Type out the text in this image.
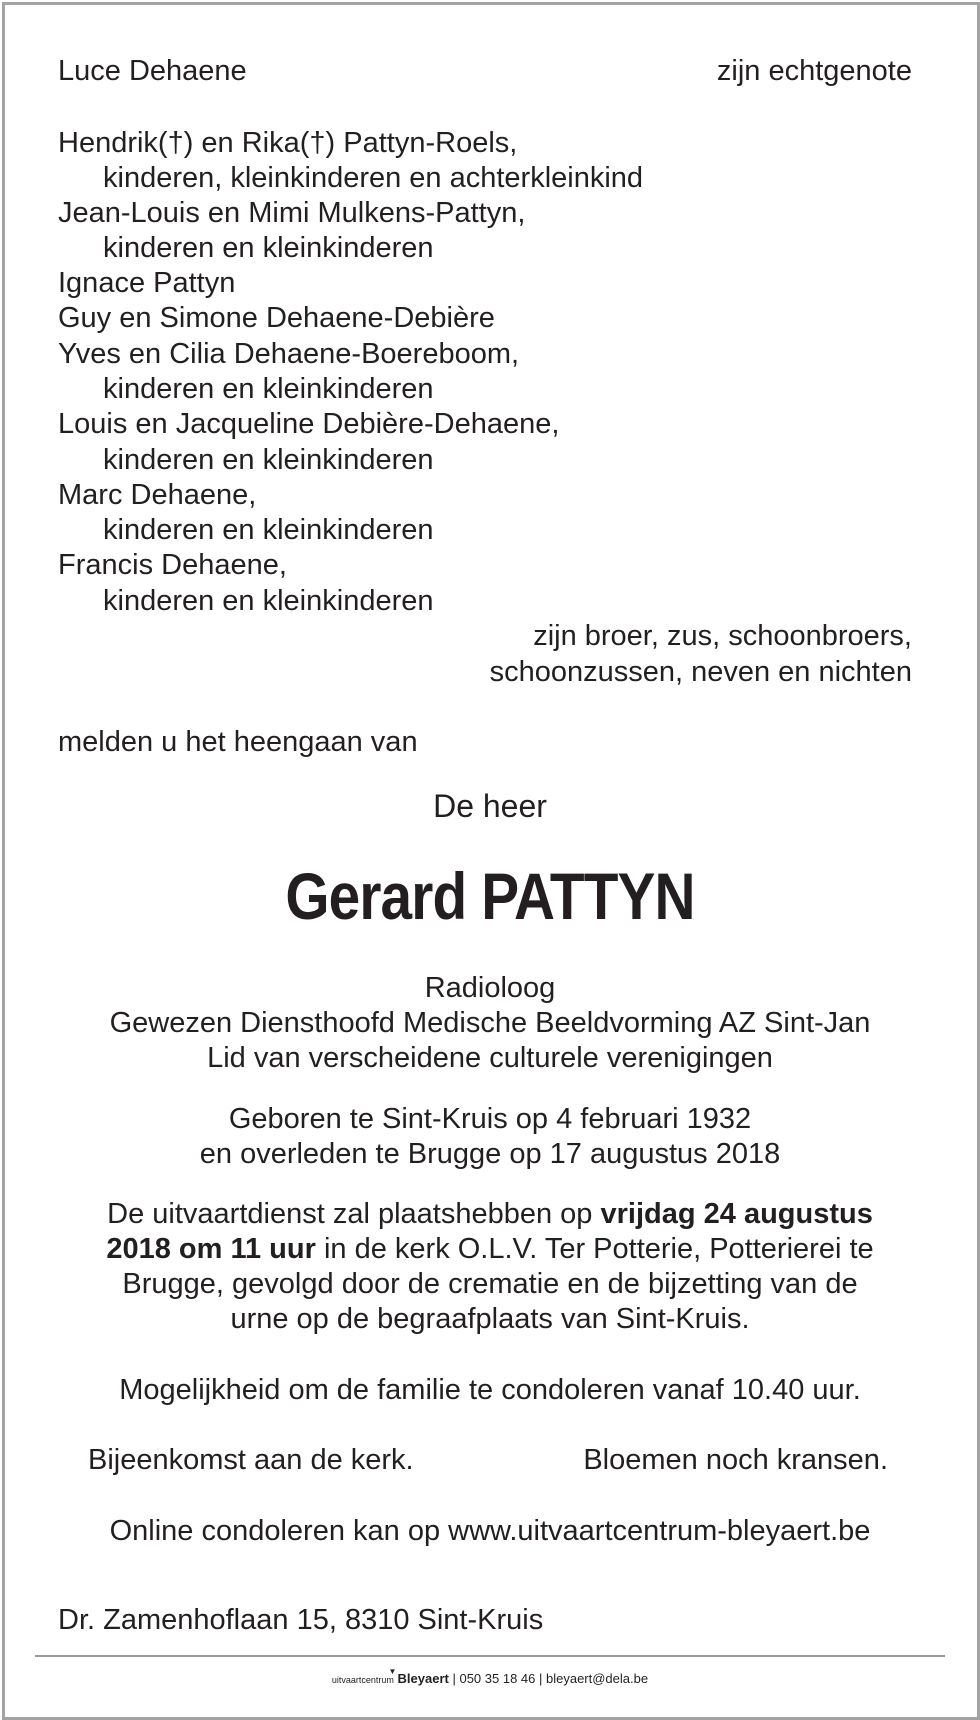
Luce Dehaene	zijn echtgenote
Hendrik(†) en Rika(†) Pattyn-Roels,
kinderen, kleinkinderen en achterkleinkind
Jean-Louis en Mimi Mulkens-Pattyn,
kinderen en kleinkinderen
Ignace Pattyn
Guy en Simone Dehaene-Debière
Yves en Cilia Dehaene-Boereboom,
kinderen en kleinkinderen
Louis en Jacqueline Debière-Dehaene,
kinderen en kleinkinderen
Marc Dehaene,
kinderen en kleinkinderen
Francis Dehaene,
kinderen en kleinkinderen
zijn broer, zus, schoonbroers,
schoonzussen, neven en nichten
melden u het heengaan van
De heer
Gerard PATTYN
Radioloog
Gewezen Diensthoofd Medische Beeldvorming AZ Sint-Jan
Lid van verscheidene culturele verenigingen
Geboren te Sint-Kruis op 4 februari 1932
en overleden te Brugge op 17 augustus 2018
De uitvaartdienst zal plaatshebben op vrijdag 24 augustus
2018 om 11 uur in de kerk O.L.V. Ter Potterie, Potterierei te
Brugge, gevolgd door de crematie en de bijzetting van de
urne op de begraafplaats van Sint-Kruis.
Mogelijkheid om de familie te condoleren vanaf 10.40 uur.
Bijeenkomst aan de kerk.	Bloemen noch kransen.
Online condoleren kan op www.uitvaartcentrum-bleyaert.be
Dr. Zamenhoflaan 15, 8310 Sint-Kruis
uitvaartcentrum
▼ Bleyaert | 050 35 18 46 | bleyaert@dela.be
